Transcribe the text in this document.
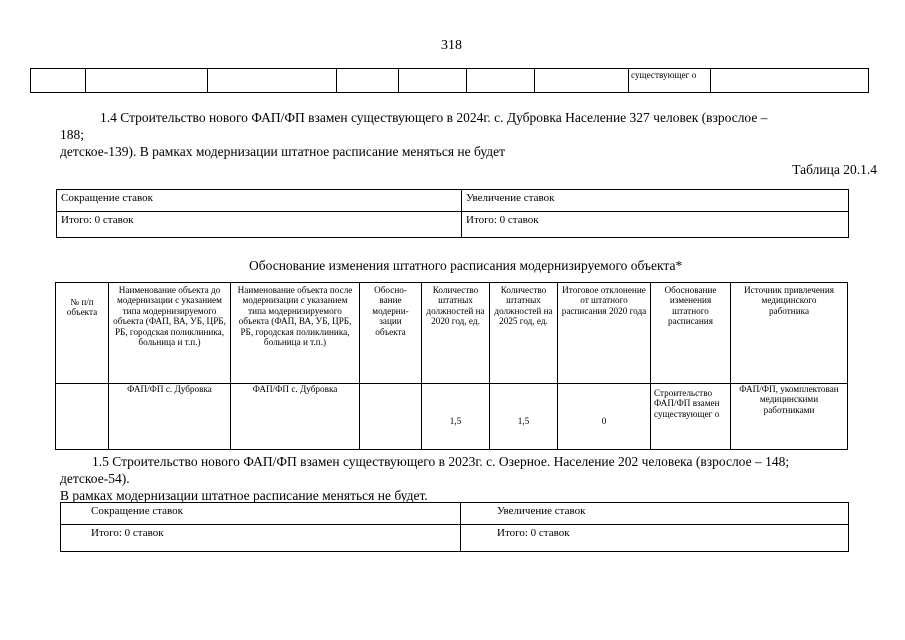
318
							существующег о	
1.4 Строительство нового ФАП/ФП взамен существующего в 2024г. с. Дубровка Население 327 человек (взрослое –
188;
детское-139). В рамках модернизации штатное расписание меняться не будет
Таблица 20.1.4
Сокращение ставок	Увеличение ставок
Итого: 0 ставок	Итого: 0 ставок
Обоснование изменения штатного расписания модернизируемого объекта*
№ п/п объекта	Наименование объекта до модернизации с указанием типа модернизируемого объекта (ФАП, ВА, УБ, ЦРБ, РБ, городская поликлиника, больница и т.п.)	Наименование объекта после модернизации с указанием типа модернизируемого объекта (ФАП, ВА, УБ, ЦРБ, РБ, городская поликлиника, больница и т.п.)	Обосно-вание модерни-зации объекта	Количество штатных должностей на 2020 год, ед.	Количество штатных должностей на 2025 год, ед.	Итоговое отклонение от штатного расписания 2020 года	Обоснование изменения штатного расписания	Источник привлечения медицинского работника
	ФАП/ФП с. Дубровка	ФАП/ФП с. Дубровка		1,5	1,5	0	Строительство ФАП/ФП взамен существующег о	ФАП/ФП, укомплектован медицинскими работниками
1.5 Строительство нового ФАП/ФП взамен существующего в 2023г. с. Озерное. Население 202 человека (взрослое – 148;
детское-54).
В рамках модернизации штатное расписание меняться не будет.
Сокращение ставок	Увеличение ставок
Итого: 0 ставок	Итого: 0 ставок
